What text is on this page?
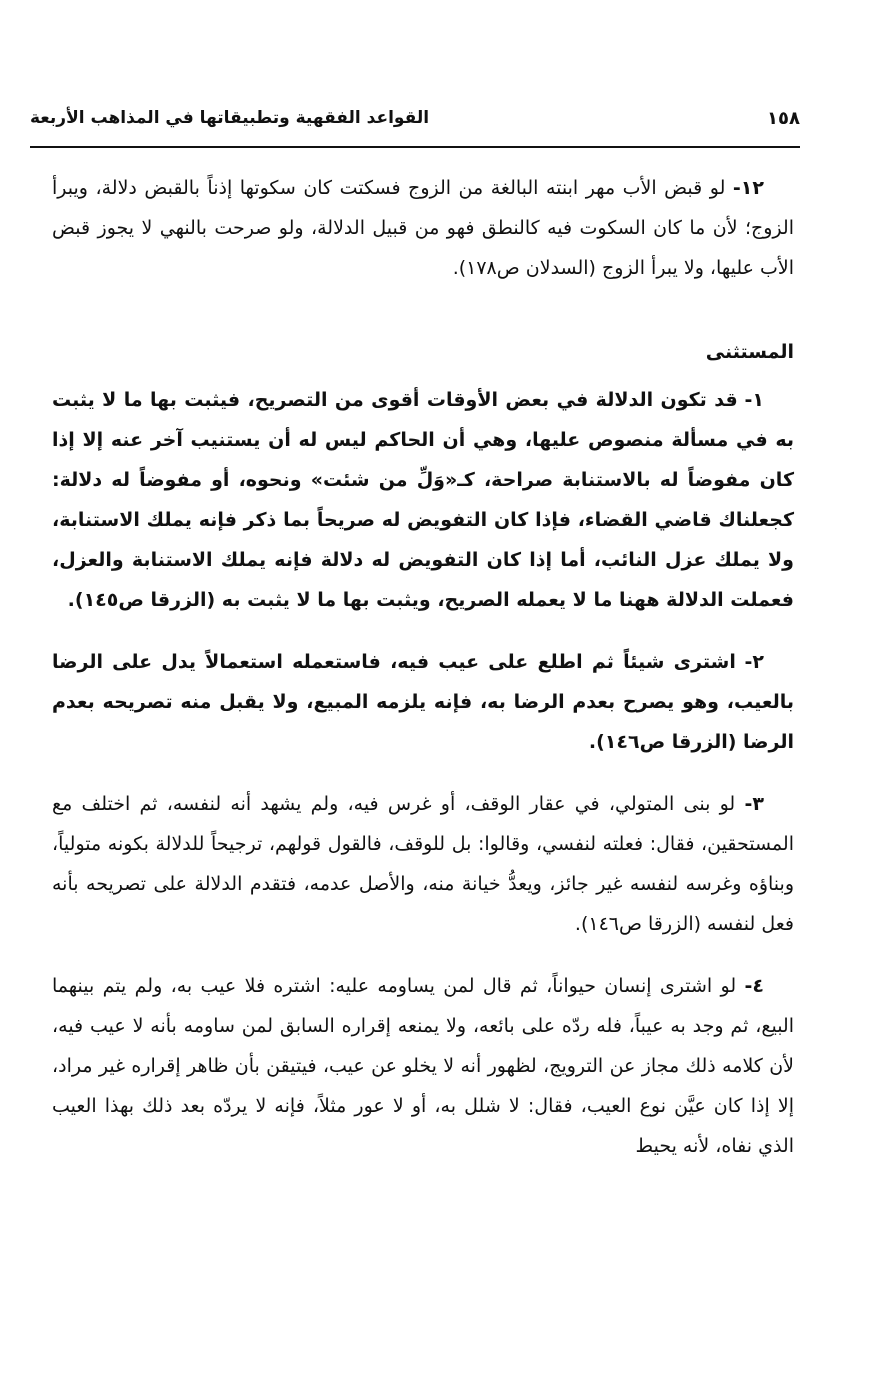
١٥٨
القواعد الفقهية وتطبيقاتها في المذاهب الأربعة

١٢- لو قبض الأب مهر ابنته البالغة من الزوج فسكتت كان سكوتها إذناً بالقبض دلالة، ويبرأ الزوج؛ لأن ما كان السكوت فيه كالنطق فهو من قبيل الدلالة، ولو صرحت بالنهي لا يجوز قبض الأب عليها، ولا يبرأ الزوج (السدلان ص١٧٨).

المستثنى

١- قد تكون الدلالة في بعض الأوقات أقوى من التصريح، فيثبت بها ما لا يثبت به في مسألة منصوص عليها، وهي أن الحاكم ليس له أن يستنيب آخر عنه إلا إذا كان مفوضاً له بالاستنابة صراحة، كـ«وَلِّ من شئت» ونحوه، أو مفوضاً له دلالة: كجعلناك قاضي القضاء، فإذا كان التفويض له صريحاً بما ذكر فإنه يملك الاستنابة، ولا يملك عزل النائب، أما إذا كان التفويض له دلالة فإنه يملك الاستنابة والعزل، فعملت الدلالة ههنا ما لا يعمله الصريح، ويثبت بها ما لا يثبت به (الزرقا ص١٤٥).

٢- اشترى شيئاً ثم اطلع على عيب فيه، فاستعمله استعمالاً يدل على الرضا بالعيب، وهو يصرح بعدم الرضا به، فإنه يلزمه المبيع، ولا يقبل منه تصريحه بعدم الرضا (الزرقا ص١٤٦).

٣- لو بنى المتولي، في عقار الوقف، أو غرس فيه، ولم يشهد أنه لنفسه، ثم اختلف مع المستحقين، فقال: فعلته لنفسي، وقالوا: بل للوقف، فالقول قولهم، ترجيحاً للدلالة بكونه متولياً، وبناؤه وغرسه لنفسه غير جائز، ويعدُّ خيانة منه، والأصل عدمه، فتقدم الدلالة على تصريحه بأنه فعل لنفسه (الزرقا ص١٤٦).

٤- لو اشترى إنسان حيواناً، ثم قال لمن يساومه عليه: اشتره فلا عيب به، ولم يتم بينهما البيع، ثم وجد به عيباً، فله ردّه على بائعه، ولا يمنعه إقراره السابق لمن ساومه بأنه لا عيب فيه، لأن كلامه ذلك مجاز عن الترويج، لظهور أنه لا يخلو عن عيب، فيتيقن بأن ظاهر إقراره غير مراد، إلا إذا كان عيَّن نوع العيب، فقال: لا شلل به، أو لا عور مثلاً، فإنه لا يردّه بعد ذلك بهذا العيب الذي نفاه، لأنه يحيط
